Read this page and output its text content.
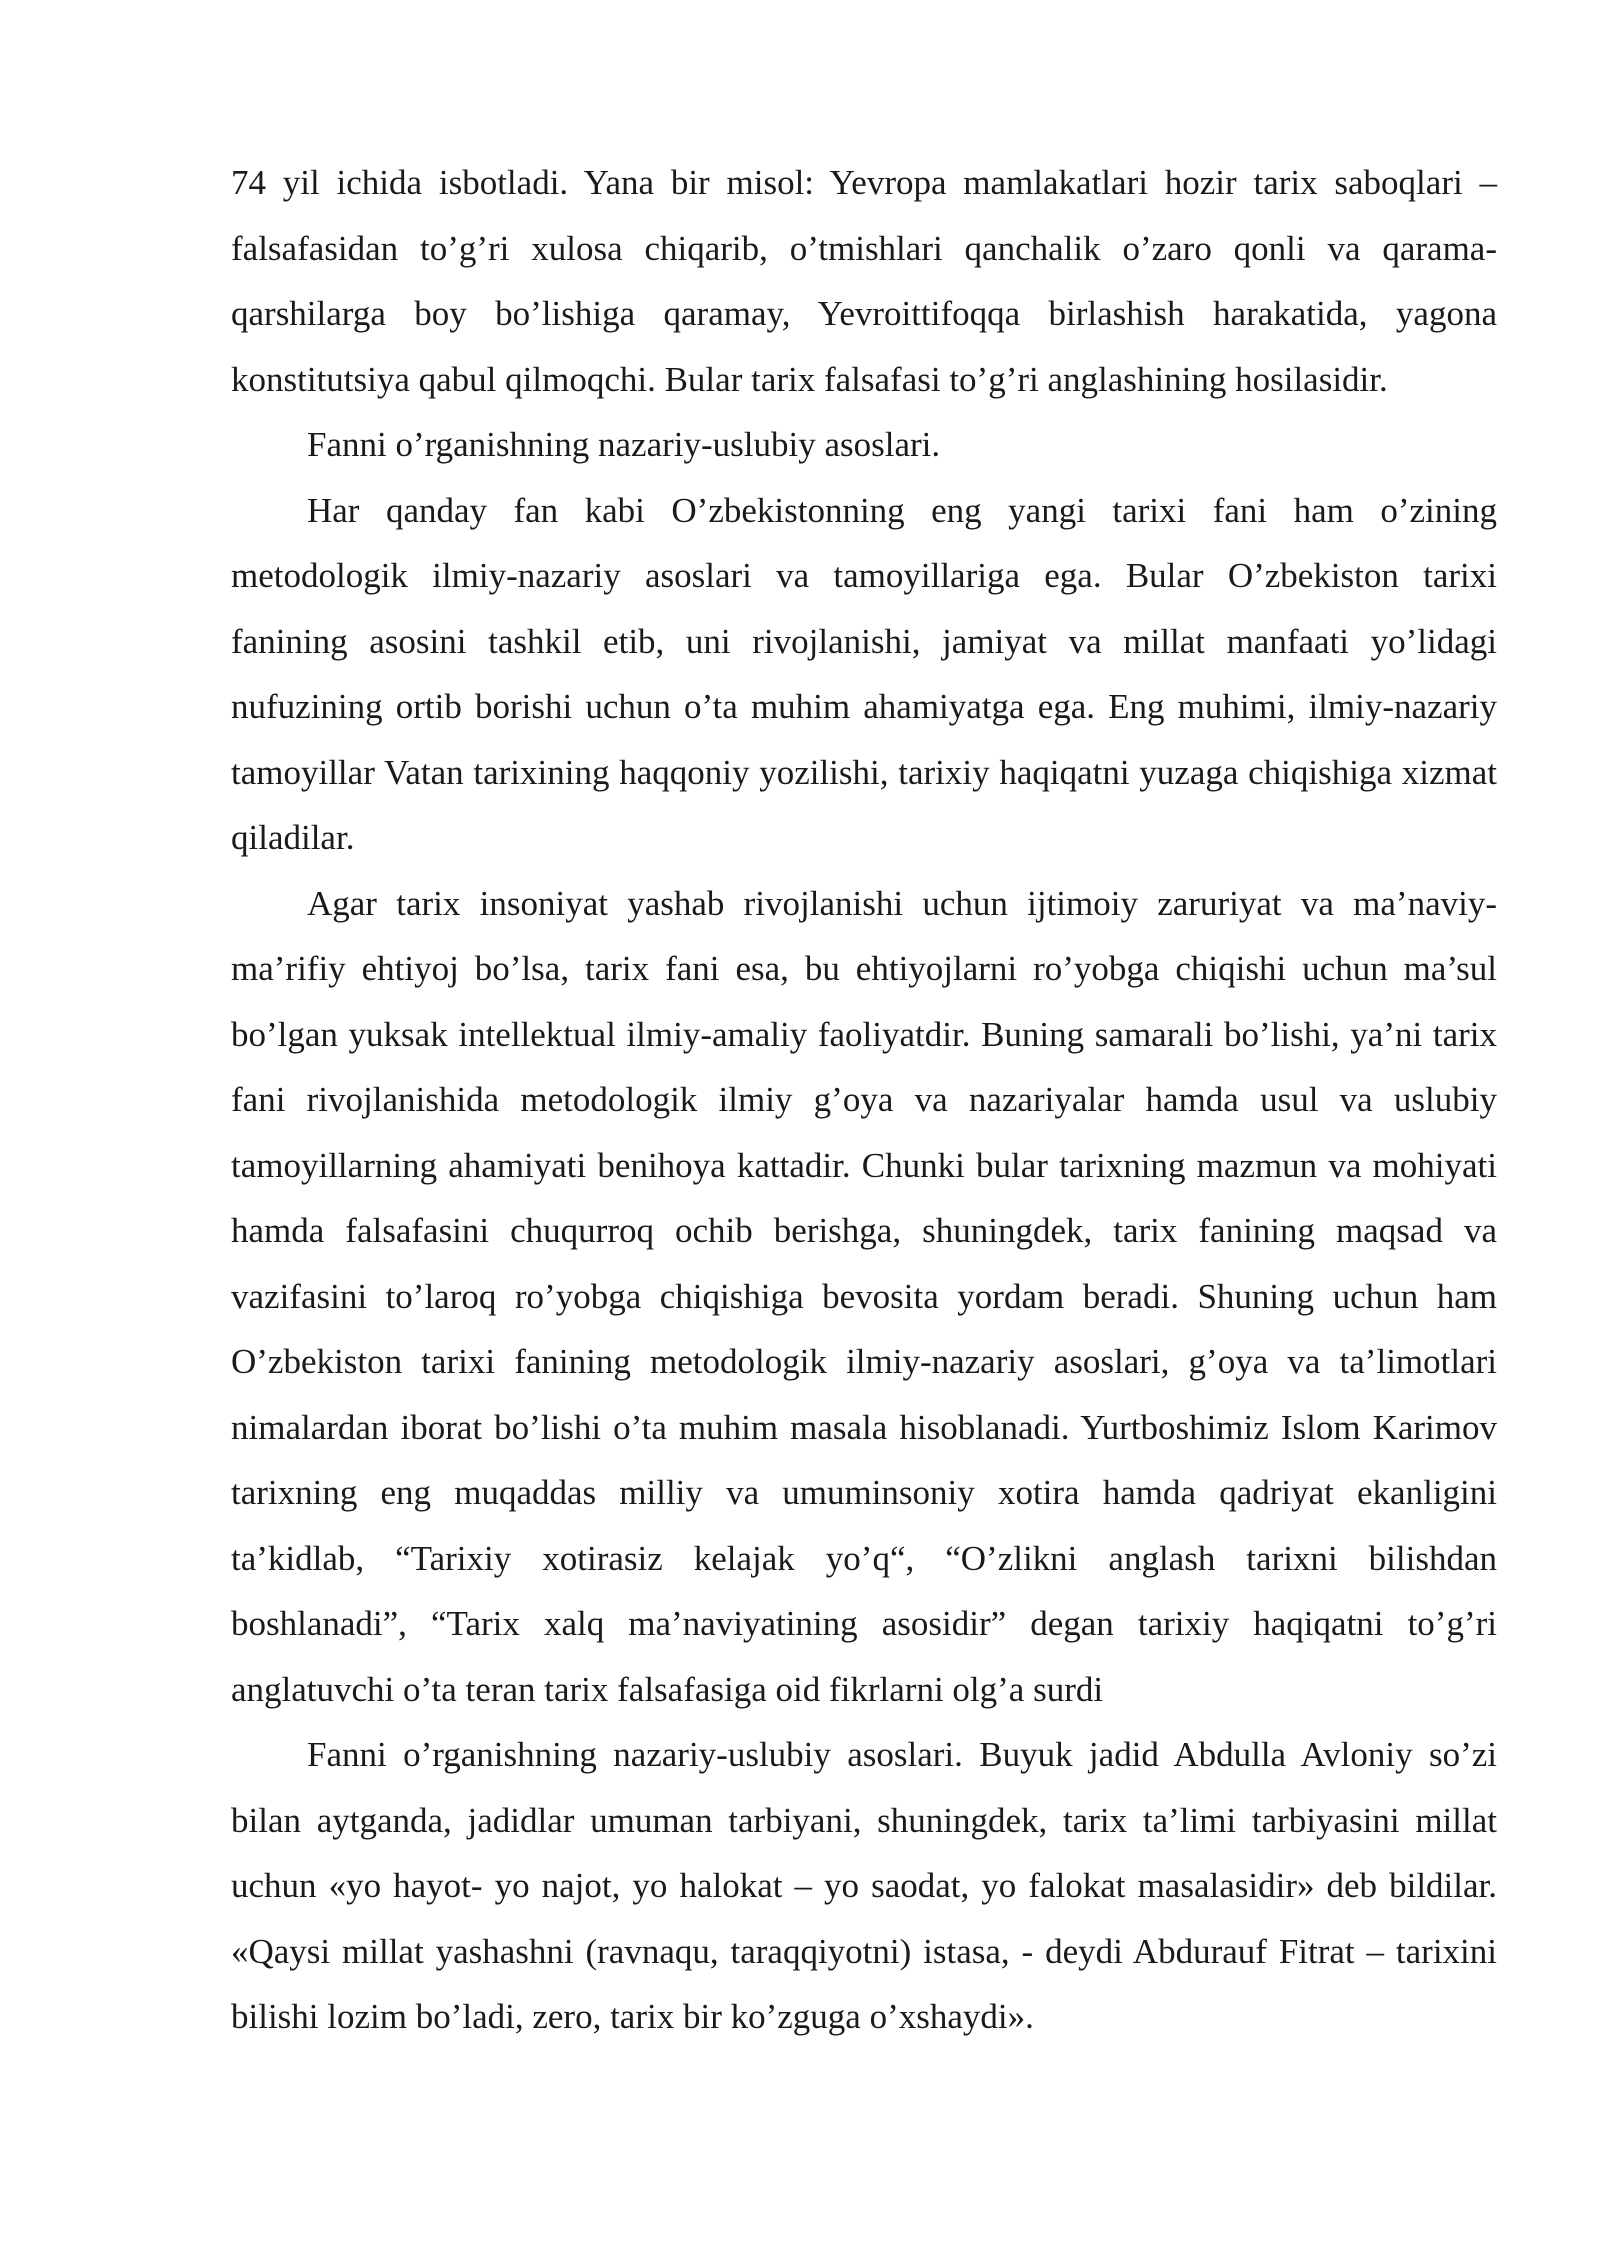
74 yil ichida isbotladi. Yana bir misol: Yevropa mamlakatlari hozir tarix saboqlari – falsafasidan to’g’ri xulosa chiqarib, o’tmishlari qanchalik o’zaro qonli va qarama-qarshilarga boy bo’lishiga qaramay, Yevroittifoqqa birlashish harakatida, yagona konstitutsiya qabul qilmoqchi. Bular tarix falsafasi to’g’ri anglashining hosilasidir.

Fanni o’rganishning nazariy-uslubiy asoslari.

Har qanday fan kabi O’zbekistonning eng yangi tarixi fani ham o’zining metodologik ilmiy-nazariy asoslari va tamoyillariga ega. Bular O’zbekiston tarixi fanining asosini tashkil etib, uni rivojlanishi, jamiyat va millat manfaati yo’lidagi nufuzining ortib borishi uchun o’ta muhim ahamiyatga ega. Eng muhimi, ilmiy-nazariy tamoyillar Vatan tarixining haqqoniy yozilishi, tarixiy haqiqatni yuzaga chiqishiga xizmat qiladilar.

Agar tarix insoniyat yashab rivojlanishi uchun ijtimoiy zaruriyat va ma’naviy-ma’rifiy ehtiyoj bo’lsa, tarix fani esa, bu ehtiyojlarni ro’yobga chiqishi uchun ma’sul bo’lgan yuksak intellektual ilmiy-amaliy faoliyatdir. Buning samarali bo’lishi, ya’ni tarix fani rivojlanishida metodologik ilmiy g’oya va nazariyalar hamda usul va uslubiy tamoyillarning ahamiyati benihoya kattadir. Chunki bular tarixning mazmun va mohiyati hamda falsafasini chuqurroq ochib berishga, shuningdek, tarix fanining maqsad va vazifasini to’laroq ro’yobga chiqishiga bevosita yordam beradi. Shuning uchun ham O’zbekiston tarixi fanining metodologik ilmiy-nazariy asoslari, g’oya va ta’limotlari nimalardan iborat bo’lishi o’ta muhim masala hisoblanadi. Yurtboshimiz Islom Karimov tarixning eng muqaddas milliy va umuminsoniy xotira hamda qadriyat ekanligini ta’kidlab, “Tarixiy xotirasiz kelajak yo’q“, “O’zlikni anglash tarixni bilishdan boshlanadi”, “Tarix xalq ma’naviyatining asosidir” degan tarixiy haqiqatni to’g’ri anglatuvchi o’ta teran tarix falsafasiga oid fikrlarni olg’a surdi

Fanni o’rganishning nazariy-uslubiy asoslari. Buyuk jadid Abdulla Avloniy so’zi bilan aytganda, jadidlar umuman tarbiyani, shuningdek, tarix ta’limi tarbiyasini millat uchun «yo hayot- yo najot, yo halokat – yo saodat, yo falokat masalasidir» deb bildilar. «Qaysi millat yashashni (ravnaqu, taraqqiyotni) istasa, - deydi Abdurauf Fitrat – tarixini bilishi lozim bo’ladi, zero, tarix bir ko’zguga o’xshaydi».
